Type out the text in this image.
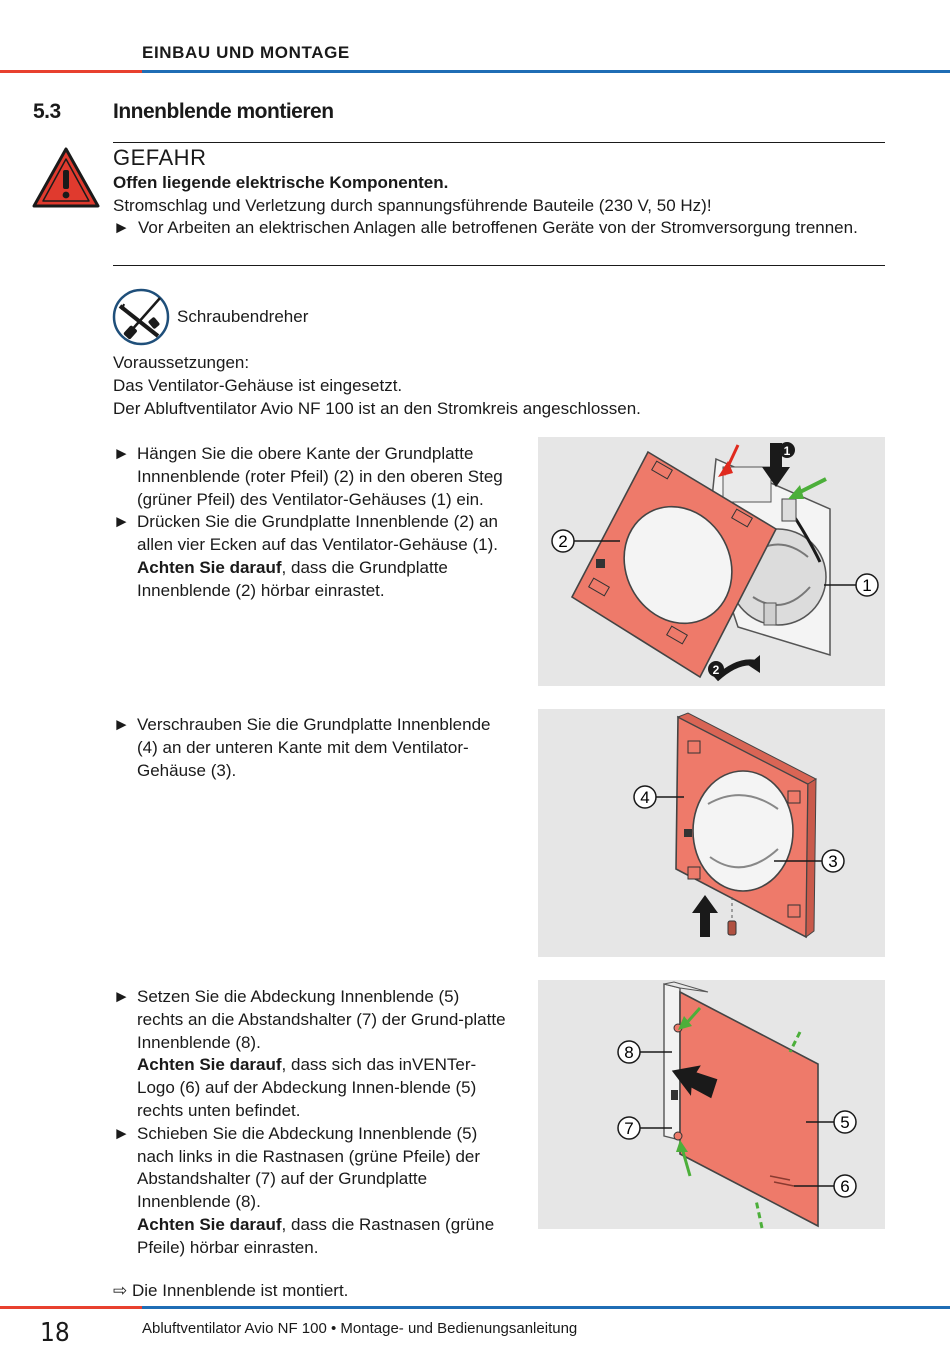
EINBAU UND MONTAGE
5.3 Innenblende montieren
GEFAHR
Offen liegende elektrische Komponenten.
Stromschlag und Verletzung durch spannungsführende Bauteile (230 V, 50 Hz)!
► Vor Arbeiten an elektrischen Anlagen alle betroffenen Geräte von der Stromversorgung trennen.
Schraubendreher
Voraussetzungen:
Das Ventilator-Gehäuse ist eingesetzt.
Der Abluftventilator Avio NF 100 ist an den Stromkreis angeschlossen.
► Hängen Sie die obere Kante der Grundplatte Innnenblende (roter Pfeil) (2) in den oberen Steg (grüner Pfeil) des Ventilator-Gehäuses (1) ein.
► Drücken Sie die Grundplatte Innenblende (2) an allen vier Ecken auf das Ventilator-Gehäuse (1).
Achten Sie darauf, dass die Grundplatte Innenblende (2) hörbar einrastet.
1
2
2
1
► Verschrauben Sie die Grundplatte Innenblende (4) an der unteren Kante mit dem Ventilator-Gehäuse (3).
4
3
► Setzen Sie die Abdeckung Innenblende (5) rechts an die Abstandshalter (7) der Grund-platte Innenblende (8).
Achten Sie darauf, dass sich das inVENTer-Logo (6) auf der Abdeckung Innen-blende (5) rechts unten befindet.
► Schieben Sie die Abdeckung Innenblende (5) nach links in die Rastnasen (grüne Pfeile) der Abstandshalter (7) auf der Grundplatte Innenblende (8).
Achten Sie darauf, dass die Rastnasen (grüne Pfeile) hörbar einrasten.
8
7	5
6
⇨ Die Innenblende ist montiert.
18	Abluftventilator Avio NF 100 • Montage- und Bedienungsanleitung
